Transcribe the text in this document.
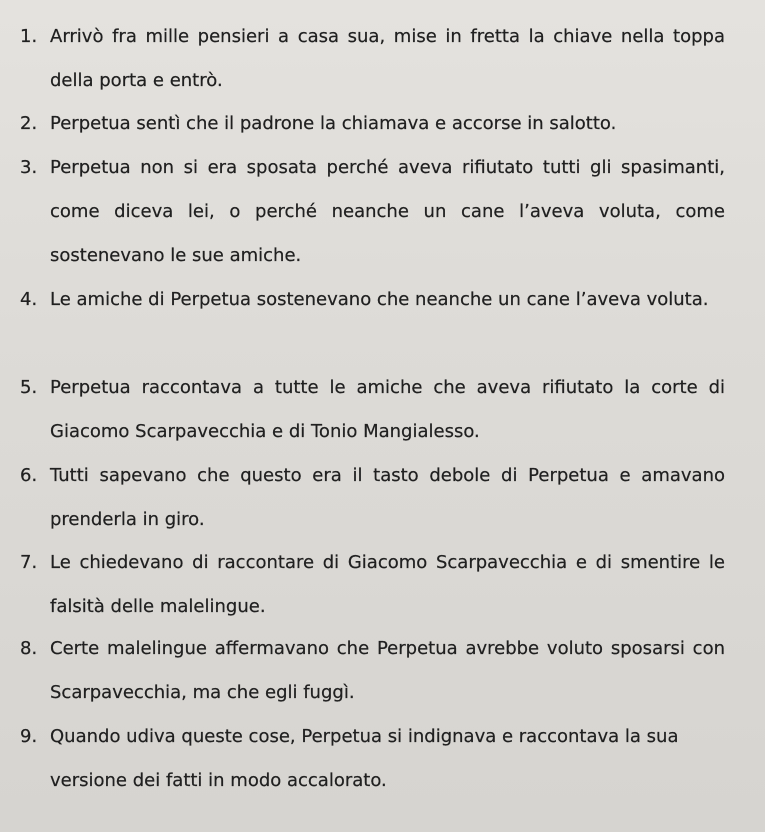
1. Arrivò fra mille pensieri a casa sua, mise in fretta la chiave nella toppa della porta e entrò.
2. Perpetua sentì che il padrone la chiamava e accorse in salotto.
3. Perpetua non si era sposata perché aveva rifiutato tutti gli spasimanti, come diceva lei, o perché neanche un cane l’aveva voluta, come sostenevano le sue amiche.
4. Le amiche di Perpetua sostenevano che neanche un cane l’aveva voluta.
5. Perpetua raccontava a tutte le amiche che aveva rifiutato la corte di Giacomo Scarpavecchia e di Tonio Mangialesso.
6. Tutti sapevano che questo era il tasto debole di Perpetua e amavano prenderla in giro.
7. Le chiedevano di raccontare di Giacomo Scarpavecchia e di smentire le falsità delle malelingue.
8. Certe malelingue affermavano che Perpetua avrebbe voluto sposarsi con Scarpavecchia, ma che egli fuggì.
9. Quando udiva queste cose, Perpetua si indignava e raccontava la sua versione dei fatti in modo accalorato.
